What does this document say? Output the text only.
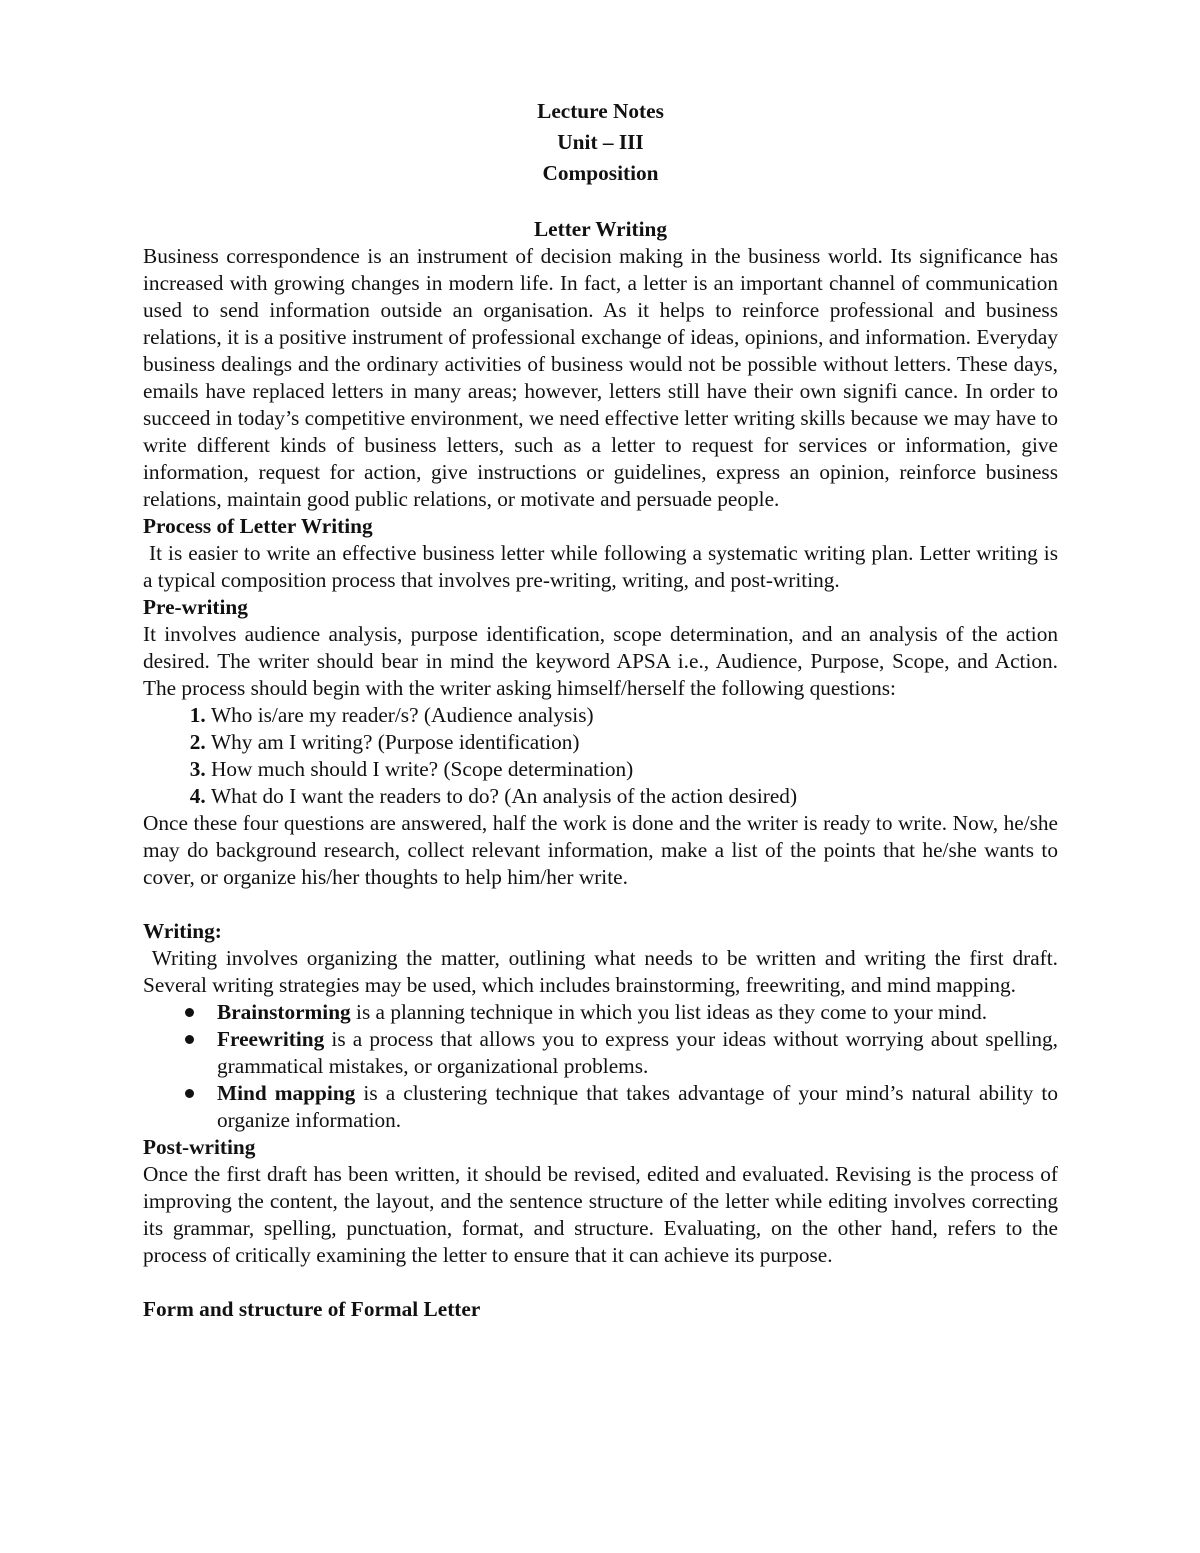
Lecture Notes

Unit – III

Composition

Letter Writing

Business correspondence is an instrument of decision making in the business world. Its significance has increased with growing changes in modern life. In fact, a letter is an important channel of communication used to send information outside an organisation. As it helps to reinforce professional and business relations, it is a positive instrument of professional exchange of ideas, opinions, and information. Everyday business dealings and the ordinary activities of business would not be possible without letters. These days, emails have replaced letters in many areas; however, letters still have their own signifi cance. In order to succeed in today’s competitive environment, we need effective letter writing skills because we may have to write different kinds of business letters, such as a letter to request for services or information, give information, request for action, give instructions or guidelines, express an opinion, reinforce business relations, maintain good public relations, or motivate and persuade people.

Process of Letter Writing

It is easier to write an effective business letter while following a systematic writing plan. Letter writing is a typical composition process that involves pre-writing, writing, and post-writing.

Pre-writing

It involves audience analysis, purpose identification, scope determination, and an analysis of the action desired. The writer should bear in mind the keyword APSA i.e., Audience, Purpose, Scope, and Action. The process should begin with the writer asking himself/herself the following questions:

1. Who is/are my reader/s? (Audience analysis)
2. Why am I writing? (Purpose identification)
3. How much should I write? (Scope determination)
4. What do I want the readers to do? (An analysis of the action desired)

Once these four questions are answered, half the work is done and the writer is ready to write. Now, he/she may do background research, collect relevant information, make a list of the points that he/she wants to cover, or organize his/her thoughts to help him/her write.

Writing:

Writing involves organizing the matter, outlining what needs to be written and writing the first draft. Several writing strategies may be used, which includes brainstorming, freewriting, and mind mapping.

Brainstorming is a planning technique in which you list ideas as they come to your mind.
Freewriting is a process that allows you to express your ideas without worrying about spelling, grammatical mistakes, or organizational problems.
Mind mapping is a clustering technique that takes advantage of your mind’s natural ability to organize information.

Post-writing

Once the first draft has been written, it should be revised, edited and evaluated. Revising is the process of improving the content, the layout, and the sentence structure of the letter while editing involves correcting its grammar, spelling, punctuation, format, and structure. Evaluating, on the other hand, refers to the process of critically examining the letter to ensure that it can achieve its purpose.

Form and structure of Formal Letter
